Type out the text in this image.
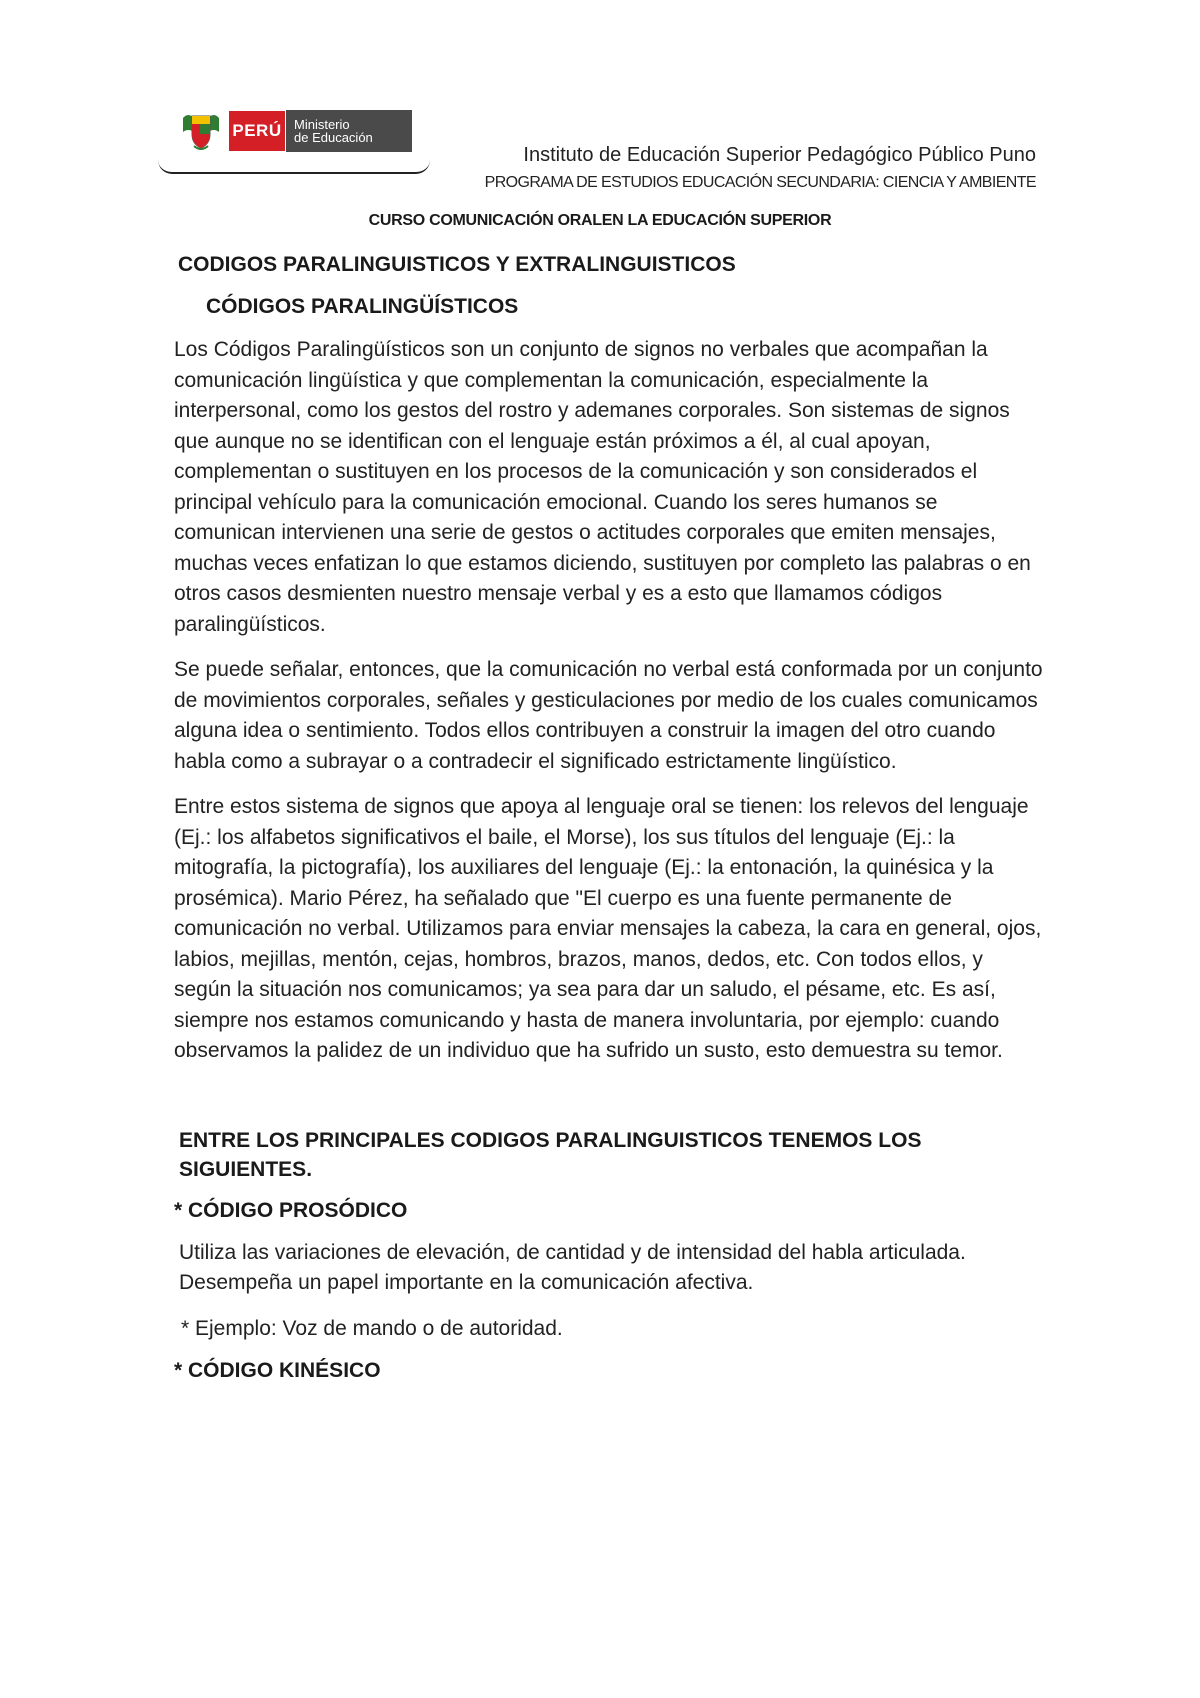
PERÚ Ministerio
de Educación
Instituto de Educación Superior Pedagógico Público Puno
PROGRAMA DE ESTUDIOS EDUCACIÓN SECUNDARIA: CIENCIA Y AMBIENTE
CURSO COMUNICACIÓN ORALEN LA EDUCACIÓN SUPERIOR
CODIGOS PARALINGUISTICOS Y EXTRALINGUISTICOS
CÓDIGOS PARALINGÜÍSTICOS

Los Códigos Paralingüísticos son un conjunto de signos no verbales que acompañan la comunicación lingüística y que complementan la comunicación, especialmente la interpersonal, como los gestos del rostro y ademanes corporales. Son sistemas de signos que aunque no se identifican con el lenguaje están próximos a él, al cual apoyan, complementan o sustituyen en los procesos de la comunicación y son considerados el principal vehículo para la comunicación emocional. Cuando los seres humanos se comunican intervienen una serie de gestos o actitudes corporales que emiten mensajes, muchas veces enfatizan lo que estamos diciendo, sustituyen por completo las palabras o en otros casos desmienten nuestro mensaje verbal y es a esto que llamamos códigos paralingüísticos.

Se puede señalar, entonces, que la comunicación no verbal está conformada por un conjunto de movimientos corporales, señales y gesticulaciones por medio de los cuales comunicamos alguna idea o sentimiento. Todos ellos contribuyen a construir la imagen del otro cuando habla como a subrayar o a contradecir el significado estrictamente lingüístico.

Entre estos sistema de signos que apoya al lenguaje oral se tienen: los relevos del lenguaje (Ej.: los alfabetos significativos el baile, el Morse), los sus títulos del lenguaje (Ej.: la mitografía, la pictografía), los auxiliares del lenguaje (Ej.: la entonación, la quinésica y la prosémica). Mario Pérez, ha señalado que "El cuerpo es una fuente permanente de comunicación no verbal. Utilizamos para enviar mensajes la cabeza, la cara en general, ojos, labios, mejillas, mentón, cejas, hombros, brazos, manos, dedos, etc. Con todos ellos, y según la situación nos comunicamos; ya sea para dar un saludo, el pésame, etc. Es así, siempre nos estamos comunicando y hasta de manera involuntaria, por ejemplo: cuando observamos la palidez de un individuo que ha sufrido un susto, esto demuestra su temor.

ENTRE LOS PRINCIPALES CODIGOS PARALINGUISTICOS TENEMOS LOS SIGUIENTES.
* CÓDIGO PROSÓDICO

Utiliza las variaciones de elevación, de cantidad y de intensidad del habla articulada. Desempeña un papel importante en la comunicación afectiva.

* Ejemplo: Voz de mando o de autoridad.

* CÓDIGO KINÉSICO
